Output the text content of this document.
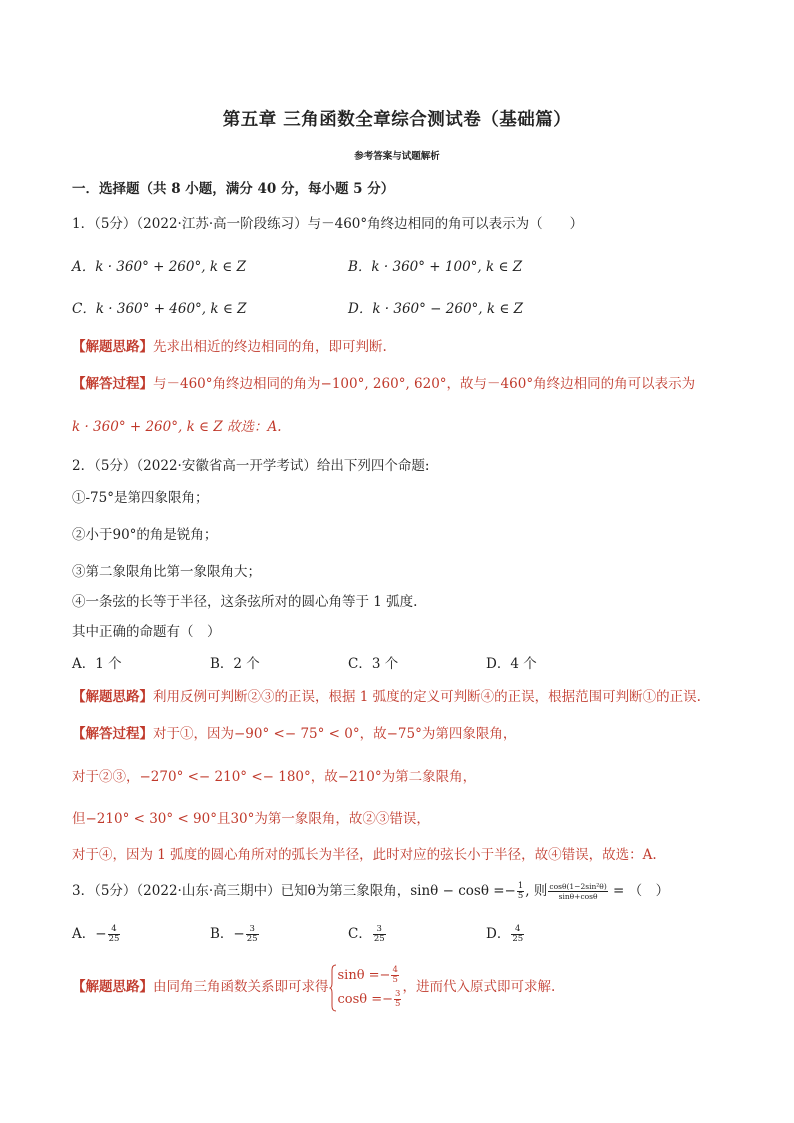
第五章 三角函数全章综合测试卷（基础篇）
参考答案与试题解析
一．选择题（共 8 小题，满分 40 分，每小题 5 分）
1．（5分）（2022·江苏·高一阶段练习）与－460°角终边相同的角可以表示为（　　）
A．k · 360° + 260°, k ∈ Z	B．k · 360° + 100°, k ∈ Z
C．k · 360° + 460°, k ∈ Z	D．k · 360° − 260°, k ∈ Z
【解题思路】先求出相近的终边相同的角，即可判断.
【解答过程】与－460°角终边相同的角为−100°, 260°, 620°，故与－460°角终边相同的角可以表示为
k · 360° + 260°, k ∈ Z 故选：A.
2．（5分）（2022·安徽省高一开学考试）给出下列四个命题:
①-75°是第四象限角；
②小于90°的角是锐角；
③第二象限角比第一象限角大；
④一条弦的长等于半径，这条弦所对的圆心角等于 1 弧度.
其中正确的命题有（　）
A．1 个	B．2 个	C．3 个	D．4 个
【解题思路】利用反例可判断②③的正误，根据 1 弧度的定义可判断④的正误，根据范围可判断①的正误.
【解答过程】对于①，因为−90° <− 75° < 0°，故−75°为第四象限角，
对于②③，−270° <− 210° <− 180°，故−210°为第二象限角，
但−210° < 30° < 90°且30°为第一象限角，故②③错误，
对于④，因为 1 弧度的圆心角所对的弧长为半径，此时对应的弦长小于半径，故④错误，故选：A.
3．（5分）（2022·山东·高三期中）已知θ为第三象限角，$\sin\theta - \cos\theta =- \frac{1}{5}$ , 则 $\frac{\text{cosθ(1−2sin²θ)}}{\sin\theta+\cos\theta}$ = （　）
A．− $\frac{4}{25}$	B．− $\frac{3}{25}$	C． $\frac{3}{25}$	D． $\frac{4}{25}$
【解题思路】由同角三角函数关系即可求得
$\sin\theta =- \frac{4}{5}$
$\cos\theta =- \frac{3}{5}$
，进而代入原式即可求解.
